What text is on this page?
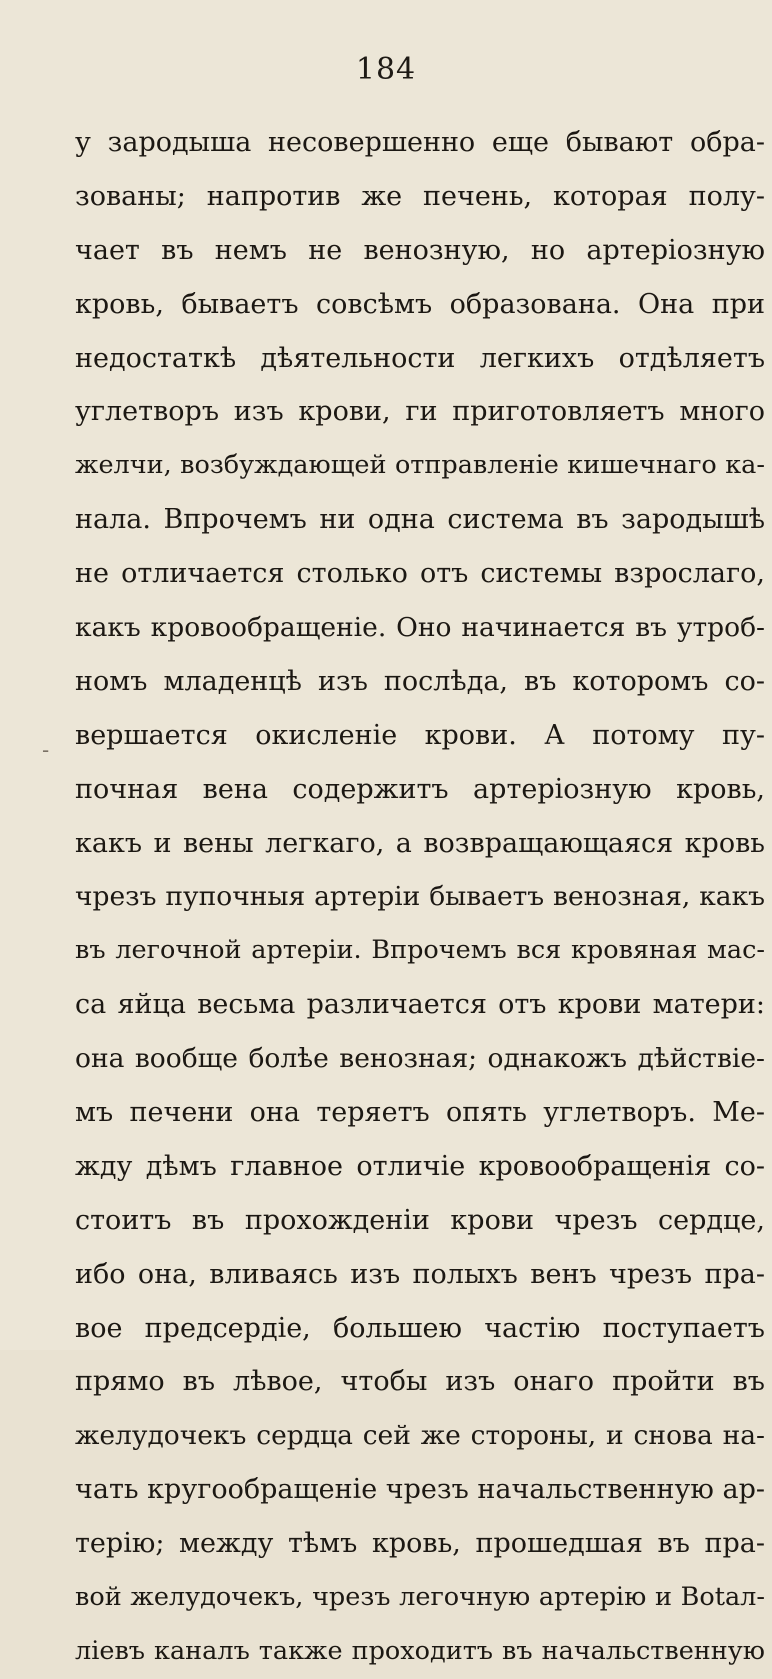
184
-
у зародыша несовершенно еще бывают обра-
зованы; напротив же печень, которая полу-
чает въ немъ не венозную, но артеріозную
кровь, бываетъ совсѣмъ образована. Она при
недостаткѣ дѣятельности легкихъ отдѣляетъ
углетворъ изъ крови, ᴦи приготовляетъ много
желчи, возбуждающей отправленіе кишечнаго ка-
нала. Впрочемъ ни одна система въ зародышѣ
не отличается столько отъ системы взрослаго,
какъ кровообращеніе. Оно начинается въ утроб-
номъ младенцѣ изъ послѣда, въ которомъ со-
вершается окисленіе крови. А потому пу-
почная вена содержитъ артеріозную кровь,
какъ и вены легкаго, а возвращающаяся кровь
чрезъ пупочныя артеріи бываетъ венозная, какъ
въ легочной артеріи. Впрочемъ вся кровяная мас-
са яйца весьма различается отъ крови матери:
она вообще болѣе венозная; однакожъ дѣйствiе-
мъ печени она теряетъ опять углетворъ. Ме-
жду дѣмъ главное отличіе кровообращенія со-
стоитъ въ прохожденіи крови чрезъ сердце,
ибо она, вливаясь изъ полыхъ венъ чрезъ пра-
вое предсердіе, большею частію поступаетъ
прямо въ лѣвое, чтобы изъ онаго пройти въ
желудочекъ сердца сей же стороны, и снова на-
чать кругообращеніе чрезъ начальственную ар-
терію; между тѣмъ кровь, прошедшая въ пра-
вой желудочекъ, чрезъ легочную артерію и Botал-
лiевъ каналъ также проходитъ въ начальственную
